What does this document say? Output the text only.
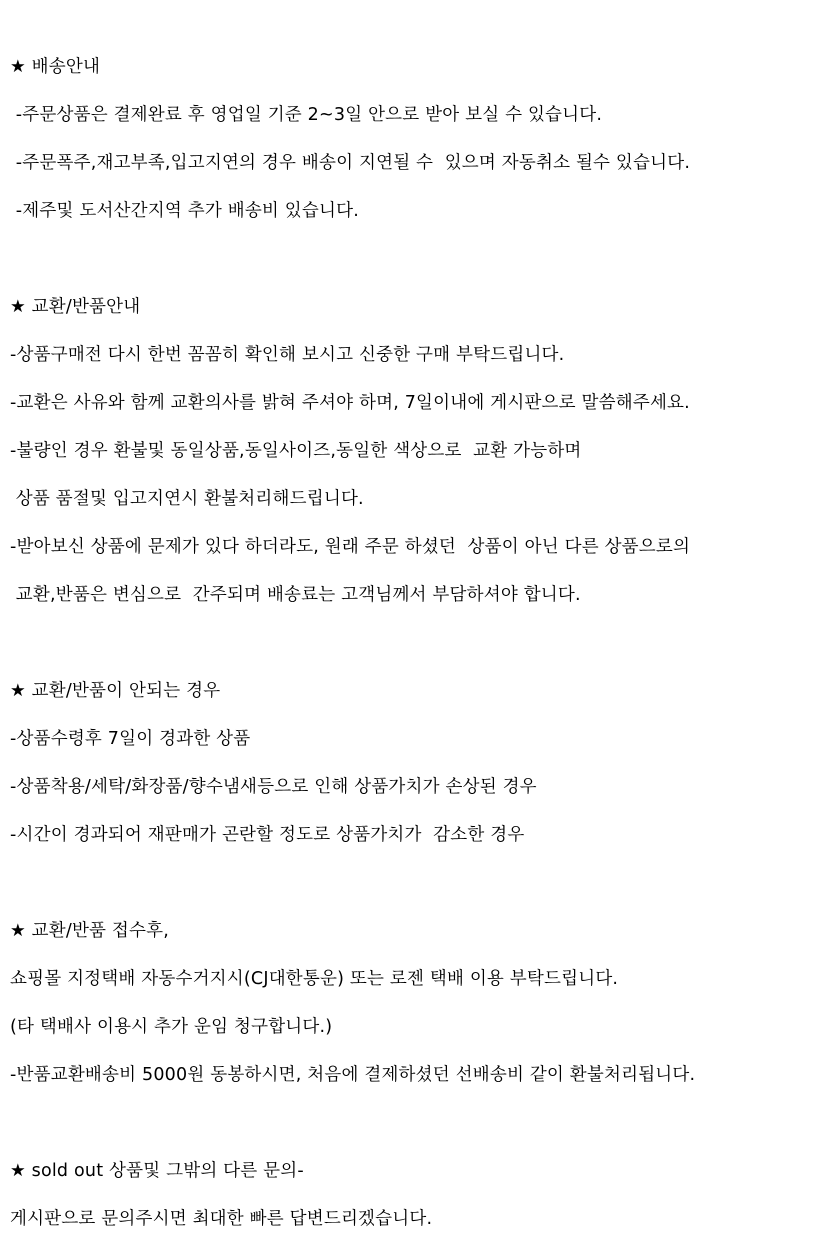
★ 배송안내
-주문상품은 결제완료 후 영업일 기준 2~3일 안으로 받아 보실 수 있습니다.
-주문폭주,재고부족,입고지연의 경우 배송이 지연될 수  있으며 자동취소 될수 있습니다.
-제주및 도서산간지역 추가 배송비 있습니다.
★ 교환/반품안내
-상품구매전 다시 한번 꼼꼼히 확인해 보시고 신중한 구매 부탁드립니다.
-교환은 사유와 함께 교환의사를 밝혀 주셔야 하며, 7일이내에 게시판으로 말씀해주세요.
-불량인 경우 환불및 동일상품,동일사이즈,동일한 색상으로  교환 가능하며
상품 품절및 입고지연시 환불처리해드립니다.
-받아보신 상품에 문제가 있다 하더라도, 원래 주문 하셨던  상품이 아닌 다른 상품으로의
교환,반품은 변심으로  간주되며 배송료는 고객님께서 부담하셔야 합니다.
★ 교환/반품이 안되는 경우
-상품수령후 7일이 경과한 상품
-상품착용/세탁/화장품/향수냄새등으로 인해 상품가치가 손상된 경우
-시간이 경과되어 재판매가 곤란할 정도로 상품가치가  감소한 경우
★ 교환/반품 접수후,
쇼핑몰 지정택배 자동수거지시(CJ대한통운) 또는 로젠 택배 이용 부탁드립니다.
(타 택배사 이용시 추가 운임 청구합니다.)
-반품교환배송비 5000원 동봉하시면, 처음에 결제하셨던 선배송비 같이 환불처리됩니다.
★ sold out 상품및 그밖의 다른 문의-
게시판으로 문의주시면 최대한 빠른 답변드리겠습니다.
